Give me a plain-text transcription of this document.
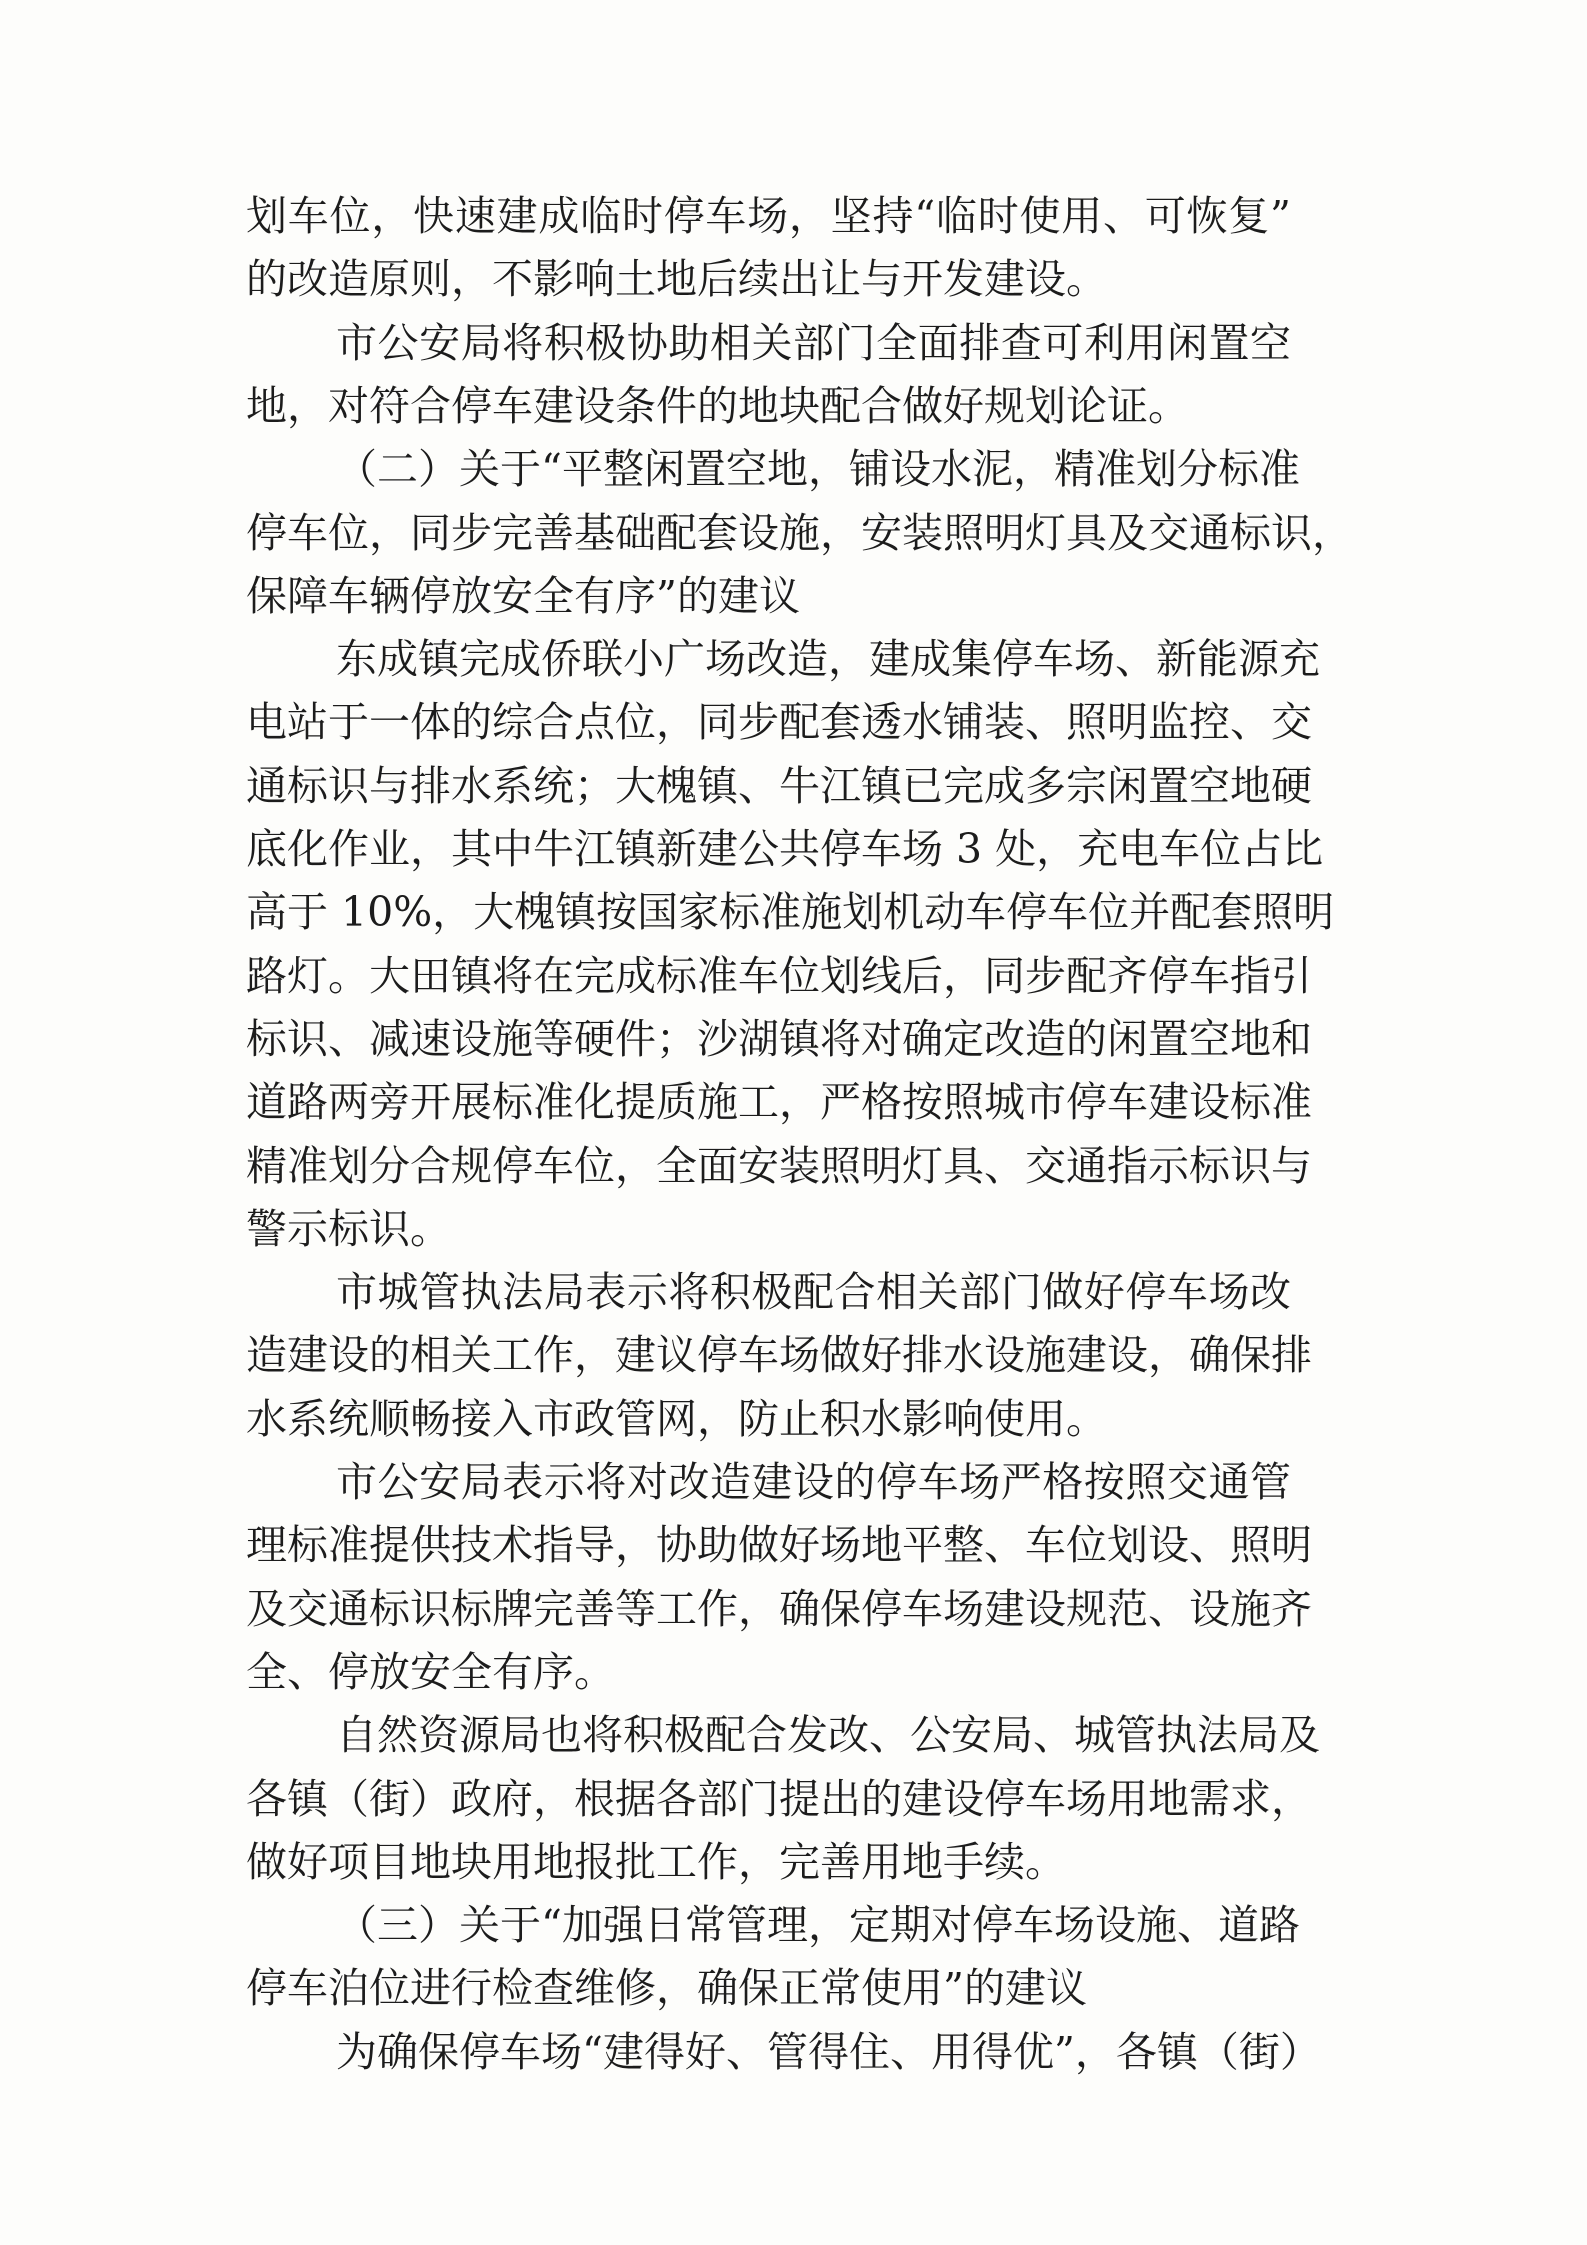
划车位，快速建成临时停车场，坚持“临时使用、可恢复”
的改造原则，不影响土地后续出让与开发建设。
市公安局将积极协助相关部门全面排查可利用闲置空
地，对符合停车建设条件的地块配合做好规划论证。
（二）关于“平整闲置空地，铺设水泥，精准划分标准
停车位，同步完善基础配套设施，安装照明灯具及交通标识，
保障车辆停放安全有序”的建议
东成镇完成侨联小广场改造，建成集停车场、新能源充
电站于一体的综合点位，同步配套透水铺装、照明监控、交
通标识与排水系统；大槐镇、牛江镇已完成多宗闲置空地硬
底化作业，其中牛江镇新建公共停车场 3 处，充电车位占比
高于 10%，大槐镇按国家标准施划机动车停车位并配套照明
路灯。大田镇将在完成标准车位划线后，同步配齐停车指引
标识、减速设施等硬件；沙湖镇将对确定改造的闲置空地和
道路两旁开展标准化提质施工，严格按照城市停车建设标准
精准划分合规停车位，全面安装照明灯具、交通指示标识与
警示标识。
市城管执法局表示将积极配合相关部门做好停车场改
造建设的相关工作，建议停车场做好排水设施建设，确保排
水系统顺畅接入市政管网，防止积水影响使用。
市公安局表示将对改造建设的停车场严格按照交通管
理标准提供技术指导，协助做好场地平整、车位划设、照明
及交通标识标牌完善等工作，确保停车场建设规范、设施齐
全、停放安全有序。
自然资源局也将积极配合发改、公安局、城管执法局及
各镇（街）政府，根据各部门提出的建设停车场用地需求，
做好项目地块用地报批工作，完善用地手续。
（三）关于“加强日常管理，定期对停车场设施、道路
停车泊位进行检查维修，确保正常使用”的建议
为确保停车场“建得好、管得住、用得优”，各镇（街）
